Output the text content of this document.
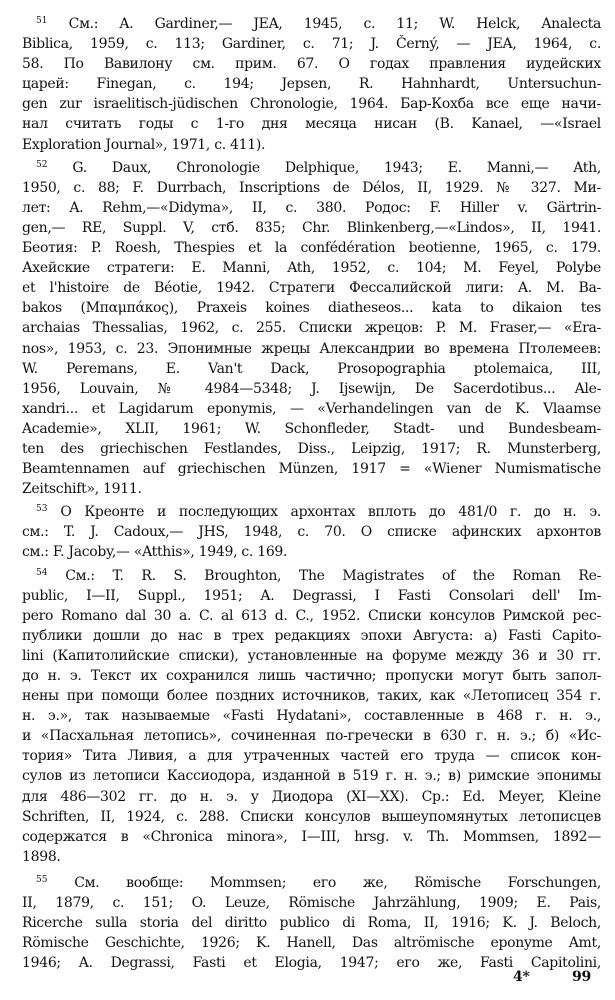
$^{51}$ См.: A. Gardiner,— JEA, 1945, с. 11; W. Helck, Analecta
Biblica, 1959, с. 113; Gardiner, с. 71; J. Černý, — JEA, 1964, с.
58. По Вавилону см. прим. 67. О годах правления иудейских
царей: Finegan, с. 194; Jepsen, R. Hahnhardt, Untersuchun-
gen zur israelitisch-jüdischen Chronologie, 1964. Бар-Кохба все еще начи-
нал считать годы с 1-го дня месяца нисан (B. Kanael, —«Israel
Exploration Journal», 1971, с. 411).
$^{52}$ G. Daux, Chronologie Delphique, 1943; E. Manni,— Ath,
1950, с. 88; F. Durrbach, Inscriptions de Délos, II, 1929. № 327. Ми-
лет: A. Rehm,—«Didyma», II, с. 380. Родос: F. Hiller v. Gärtrin-
gen,— RE, Suppl. V, стб. 835; Chr. Blinkenberg,—«Lindos», II, 1941.
Беотия: P. Roesh, Thespies et la confédération beotienne, 1965, с. 179.
Ахейские стратеги: E. Manni, Ath, 1952, с. 104; M. Feyel, Polybe
et l'histoire de Béotie, 1942. Стратеги Фессалийской лиги: A. M. Ba-
bakos (Μπαμπάκος), Praxeis koines diatheseos... kata to dikaion tes
archaias Thessalias, 1962, с. 255. Списки жрецов: P. M. Fraser,— «Era-
nos», 1953, с. 23. Эпонимные жрецы Александрии во времена Птолемеев:
W. Peremans, E. Van't Dack, Prosopographia ptolemaica, III,
1956, Louvain, № 4984—5348; J. Ijsewijn, De Sacerdotibus... Ale-
xandri... et Lagidarum eponymis, — «Verhandelingen van de K. Vlaamse
Academie», XLII, 1961; W. Schonfleder, Stadt- und Bundesbeam-
ten des griechischen Festlandes, Diss., Leipzig, 1917; R. Munsterberg,
Beamtennamen auf griechischen Münzen, 1917 = «Wiener Numismatische
Zeitschift», 1911.
$^{53}$ О Креонте и последующих архонтах вплоть до 481/0 г. до н. э.
см.: T. J. Cadoux,— JHS, 1948, с. 70. О списке афинских архонтов
см.: F. Jacoby,— «Atthis», 1949, с. 169.
$^{54}$ См.: T. R. S. Broughton, The Magistrates of the Roman Re-
public, I—II, Suppl., 1951; A. Degrassi, I Fasti Consolari dell' Im-
pero Romano dal 30 a. C. al 613 d. C., 1952. Списки консулов Римской рес-
публики дошли до нас в трех редакциях эпохи Августа: а) Fasti Capito-
lini (Капитолийские списки), установленные на форуме между 36 и 30 гг.
до н. э. Текст их сохранился лишь частично; пропуски могут быть запол-
нены при помощи более поздних источников, таких, как «Летописец 354 г.
н. э.», так называемые «Fasti Hydatani», составленные в 468 г. н. э.,
и «Пасхальная летопись», сочиненная по-гречески в 630 г. н. э.; б) «Ис-
тория» Тита Ливия, а для утраченных частей его труда — список кон-
сулов из летописи Кассиодора, изданной в 519 г. н. э.; в) римские эпонимы
для 486—302 гг. до н. э. у Диодора (XI—XX). Ср.: Ed. Meyer, Kleine
Schriften, II, 1924, с. 288. Списки консулов вышеупомянутых летописцев
содержатся в «Chronica minora», I—III, hrsg. v. Th. Mommsen, 1892—
1898.
$^{55}$ См. вообще: Mommsen; его же, Römische Forschungen,
II, 1879, с. 151; O. Leuze, Römische Jahrzählung, 1909; E. Pais,
Ricerche sulla storia del diritto publico di Roma, II, 1916; K. J. Beloch,
Römische Geschichte, 1926; K. Hanell, Das altrömische eponyme Amt,
1946; A. Degrassi, Fasti et Elogia, 1947; его же, Fasti Capitolini,
4*	99
